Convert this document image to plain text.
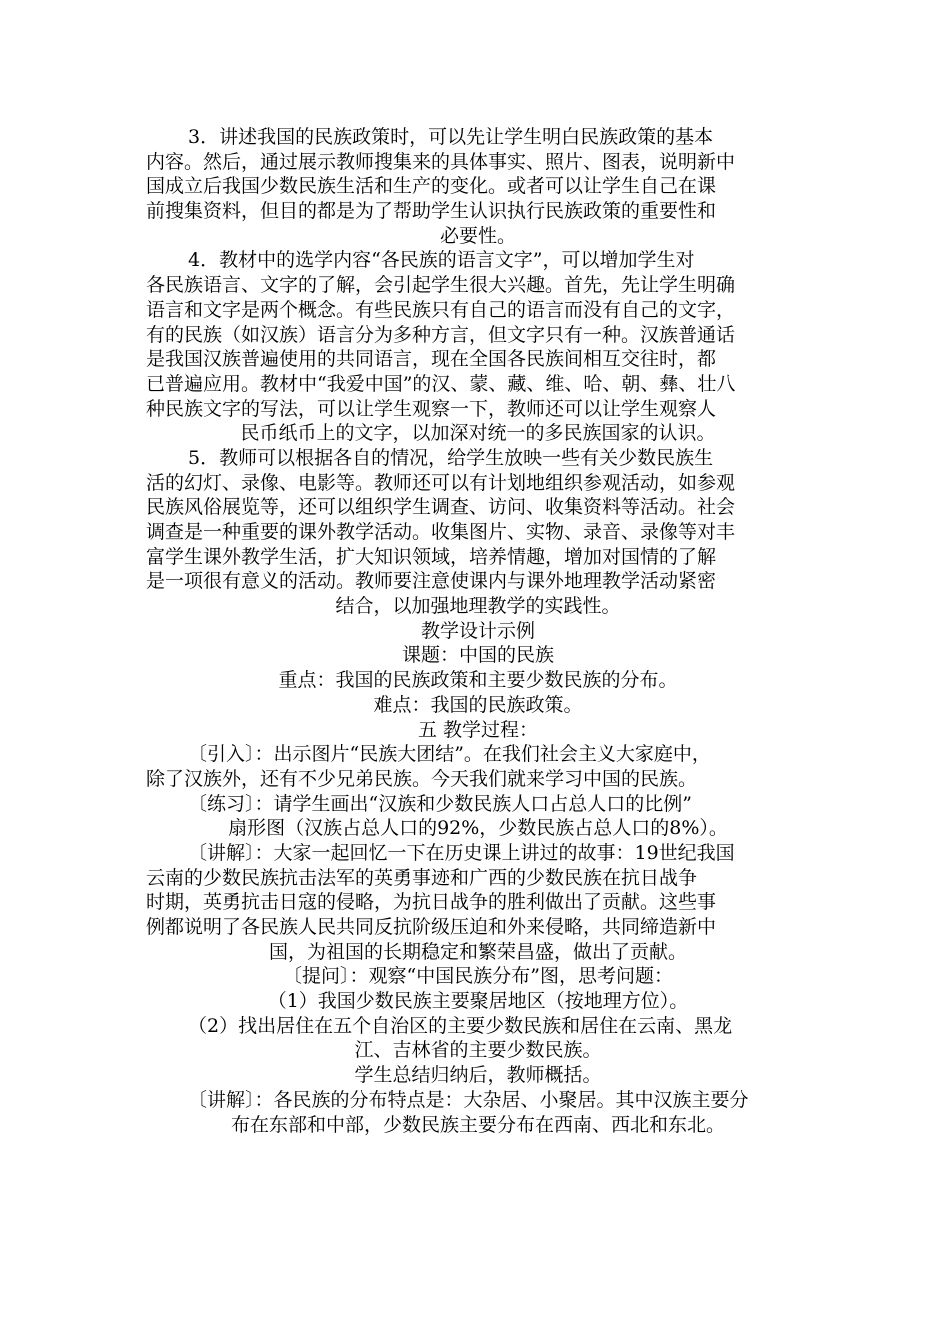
3．讲述我国的民族政策时，可以先让学生明白民族政策的基本
内容。然后，通过展示教师搜集来的具体事实、照片、图表，说明新中
国成立后我国少数民族生活和生产的变化。或者可以让学生自己在课
前搜集资料，但目的都是为了帮助学生认识执行民族政策的重要性和
必要性。
4．教材中的选学内容“各民族的语言文字”，可以增加学生对
各民族语言、文字的了解，会引起学生很大兴趣。首先，先让学生明确
语言和文字是两个概念。有些民族只有自己的语言而没有自己的文字，
有的民族（如汉族）语言分为多种方言，但文字只有一种。汉族普通话
是我国汉族普遍使用的共同语言，现在全国各民族间相互交往时，都
已普遍应用。教材中“我爱中国”的汉、蒙、藏、维、哈、朝、彝、壮八
种民族文字的写法，可以让学生观察一下，教师还可以让学生观察人
民币纸币上的文字，以加深对统一的多民族国家的认识。
5．教师可以根据各自的情况，给学生放映一些有关少数民族生
活的幻灯、录像、电影等。教师还可以有计划地组织参观活动，如参观
民族风俗展览等，还可以组织学生调查、访问、收集资料等活动。社会
调查是一种重要的课外教学活动。收集图片、实物、录音、录像等对丰
富学生课外教学生活，扩大知识领域，培养情趣，增加对国情的了解
是一项很有意义的活动。教师要注意使课内与课外地理教学活动紧密
结合，以加强地理教学的实践性。
教学设计示例
课题：中国的民族
重点：我国的民族政策和主要少数民族的分布。
难点：我国的民族政策。
五 教学过程：
〔引入〕：出示图片“民族大团结”。在我们社会主义大家庭中，
除了汉族外，还有不少兄弟民族。今天我们就来学习中国的民族。
〔练习〕：请学生画出“汉族和少数民族人口占总人口的比例”
扇形图（汉族占总人口的92%，少数民族占总人口的8%）。
〔讲解〕：大家一起回忆一下在历史课上讲过的故事：19世纪我国
云南的少数民族抗击法军的英勇事迹和广西的少数民族在抗日战争
时期，英勇抗击日寇的侵略，为抗日战争的胜利做出了贡献。这些事
例都说明了各民族人民共同反抗阶级压迫和外来侵略，共同缔造新中
国，为祖国的长期稳定和繁荣昌盛，做出了贡献。
〔提问〕：观察“中国民族分布”图，思考问题：
（1）我国少数民族主要聚居地区（按地理方位）。
（2）找出居住在五个自治区的主要少数民族和居住在云南、黑龙
江、吉林省的主要少数民族。
学生总结归纳后，教师概括。
〔讲解〕：各民族的分布特点是：大杂居、小聚居。其中汉族主要分
布在东部和中部，少数民族主要分布在西南、西北和东北。
